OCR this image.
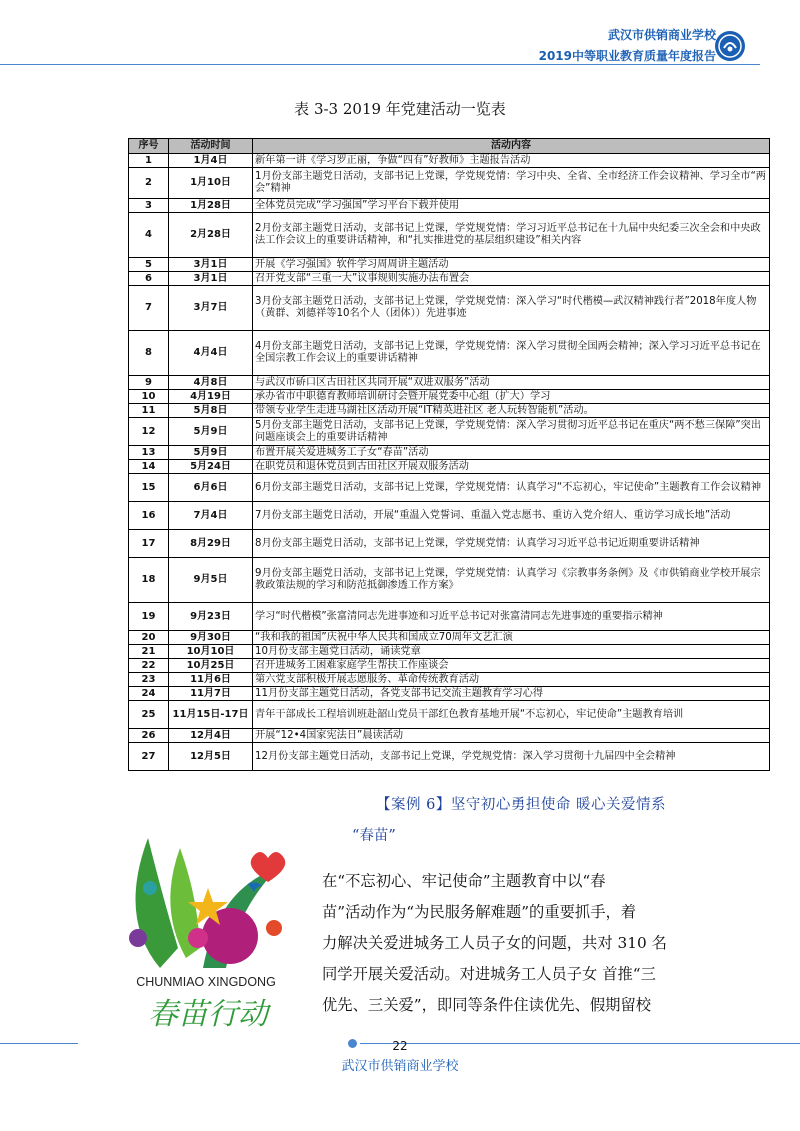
武汉市供销商业学校
2019中等职业教育质量年度报告
表 3-3 2019 年党建活动一览表
序号	活动时间	活动内容
1	1月4日	新年第一讲《学习罗正丽，争做“四有”好教师》主题报告活动
2	1月10日	1月份支部主题党日活动，支部书记上党课，学党规党情：学习中央、全省、全市经济工作会议精神、学习全市“两会”精神
3	1月28日	全体党员完成“学习强国”学习平台下载并使用
4	2月28日	2月份支部主题党日活动，支部书记上党课，学党规党情：学习习近平总书记在十九届中央纪委三次全会和中央政法工作会议上的重要讲话精神，和“扎实推进党的基层组织建设”相关内容
5	3月1日	开展《学习强国》软件学习周周讲主题活动
6	3月1日	召开党支部“三重一大”议事规则实施办法布置会
7	3月7日	3月份支部主题党日活动，支部书记上党课，学党规党情：深入学习“时代楷模—武汉精神践行者”2018年度人物（黄群、刘德祥等10名个人（团体））先进事迹
8	4月4日	4月份支部主题党日活动，支部书记上党课，学党规党情：深入学习贯彻全国两会精神；深入学习习近平总书记在全国宗教工作会议上的重要讲话精神
9	4月8日	与武汉市硚口区古田社区共同开展“双进双服务”活动
10	4月19日	承办省市中职德育教师培训研讨会暨开展党委中心组（扩大）学习
11	5月8日	带领专业学生走进马湖社区活动开展“IT精英进社区 老人玩转智能机”活动。
12	5月9日	5月份支部主题党日活动，支部书记上党课，学党规党情：深入学习贯彻习近平总书记在重庆“两不愁三保障”突出问题座谈会上的重要讲话精神
13	5月9日	布置开展关爱进城务工子女“春苗”活动
14	5月24日	在职党员和退休党员到古田社区开展双服务活动
15	6月6日	6月份支部主题党日活动，支部书记上党课，学党规党情：认真学习“不忘初心，牢记使命”主题教育工作会议精神
16	7月4日	7月份支部主题党日活动，开展“重温入党誓词、重温入党志愿书、重访入党介绍人、重访学习成长地”活动
17	8月29日	8月份支部主题党日活动，支部书记上党课，学党规党情：认真学习习近平总书记近期重要讲话精神
18	9月5日	9月份支部主题党日活动，支部书记上党课，学党规党情：认真学习《宗教事务条例》及《市供销商业学校开展宗教政策法规的学习和防范抵御渗透工作方案》
19	9月23日	学习“时代楷模”张富清同志先进事迹和习近平总书记对张富清同志先进事迹的重要指示精神
20	9月30日	“我和我的祖国”庆祝中华人民共和国成立70周年文艺汇演
21	10月10日	10月份支部主题党日活动，诵读党章
22	10月25日	召开进城务工困难家庭学生帮扶工作座谈会
23	11月6日	第六党支部积极开展志愿服务、革命传统教育活动
24	11月7日	11月份支部主题党日活动，各党支部书记交流主题教育学习心得
25	11月15日-17日	青年干部成长工程培训班赴韶山党员干部红色教育基地开展“不忘初心，牢记使命”主题教育培训
26	12月4日	开展“12•4国家宪法日”晨读活动
27	12月5日	12月份支部主题党日活动，支部书记上党课，学党规党情：深入学习贯彻十九届四中全会精神
【案例 6】坚守初心勇担使命 暖心关爱情系
“春苗”
CHUNMIAO XINGDONG
春苗行动
在“不忘初心、牢记使命”主题教育中以“春
苗”活动作为“为民服务解难题”的重要抓手，着
力解决关爱进城务工人员子女的问题，共对 310 名
同学开展关爱活动。对进城务工人员子女 首推“三
优先、三关爱”，即同等条件住读优先、假期留校
22
武汉市供销商业学校
